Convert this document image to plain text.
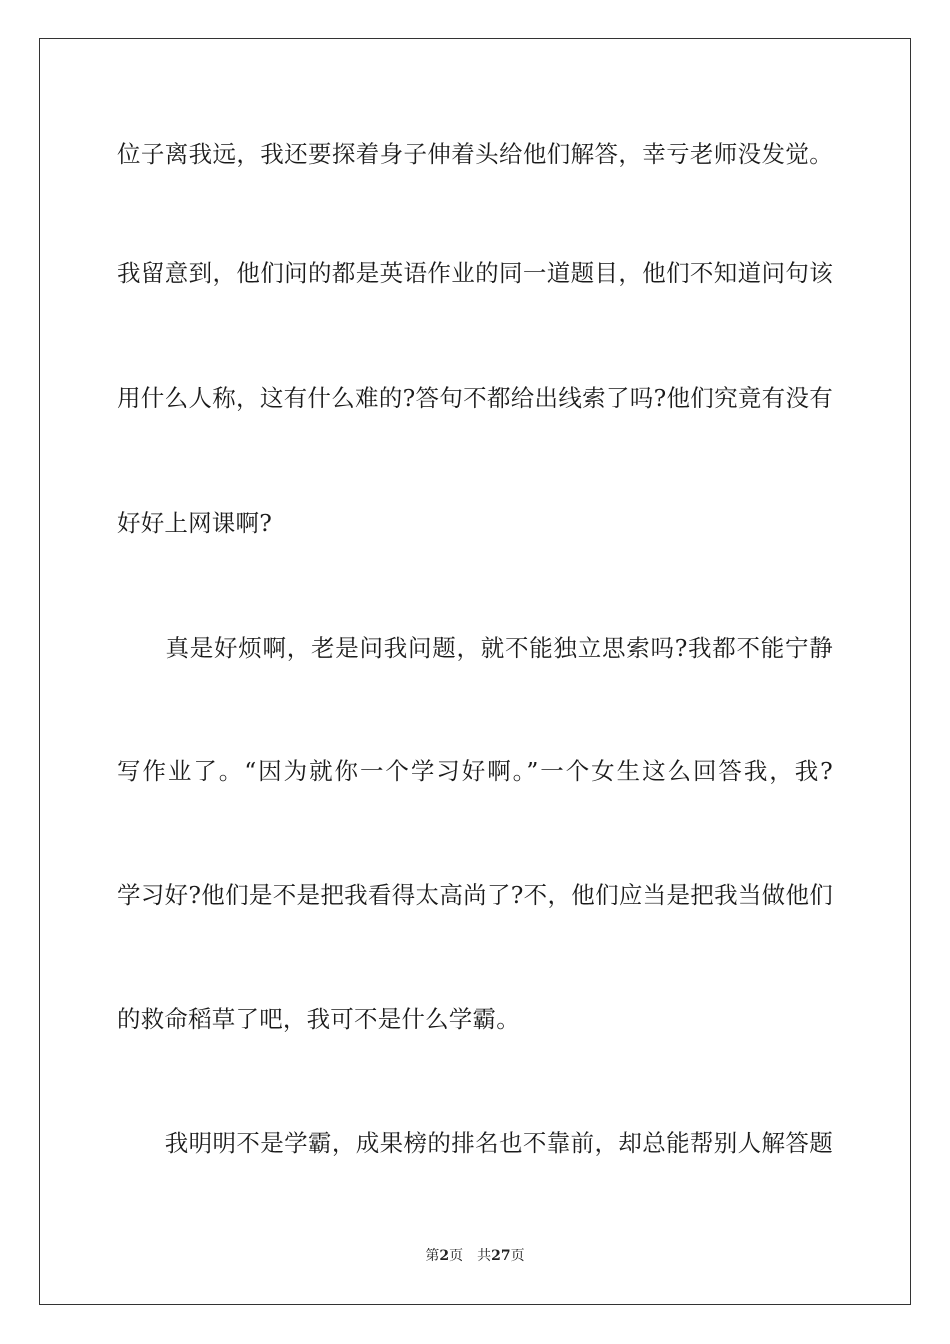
位子离我远，我还要探着身子伸着头给他们解答，幸亏老师没发觉。
我留意到，他们问的都是英语作业的同一道题目，他们不知道问句该
用什么人称，这有什么难的?答句不都给出线索了吗?他们究竟有没有
好好上网课啊?
　　真是好烦啊，老是问我问题，就不能独立思索吗?我都不能宁静
写作业了。“因为就你一个学习好啊。”一个女生这么回答我，我?
学习好?他们是不是把我看得太高尚了?不，他们应当是把我当做他们
的救命稻草了吧，我可不是什么学霸。
　　我明明不是学霸，成果榜的排名也不靠前，却总能帮别人解答题
第2页 共27页
